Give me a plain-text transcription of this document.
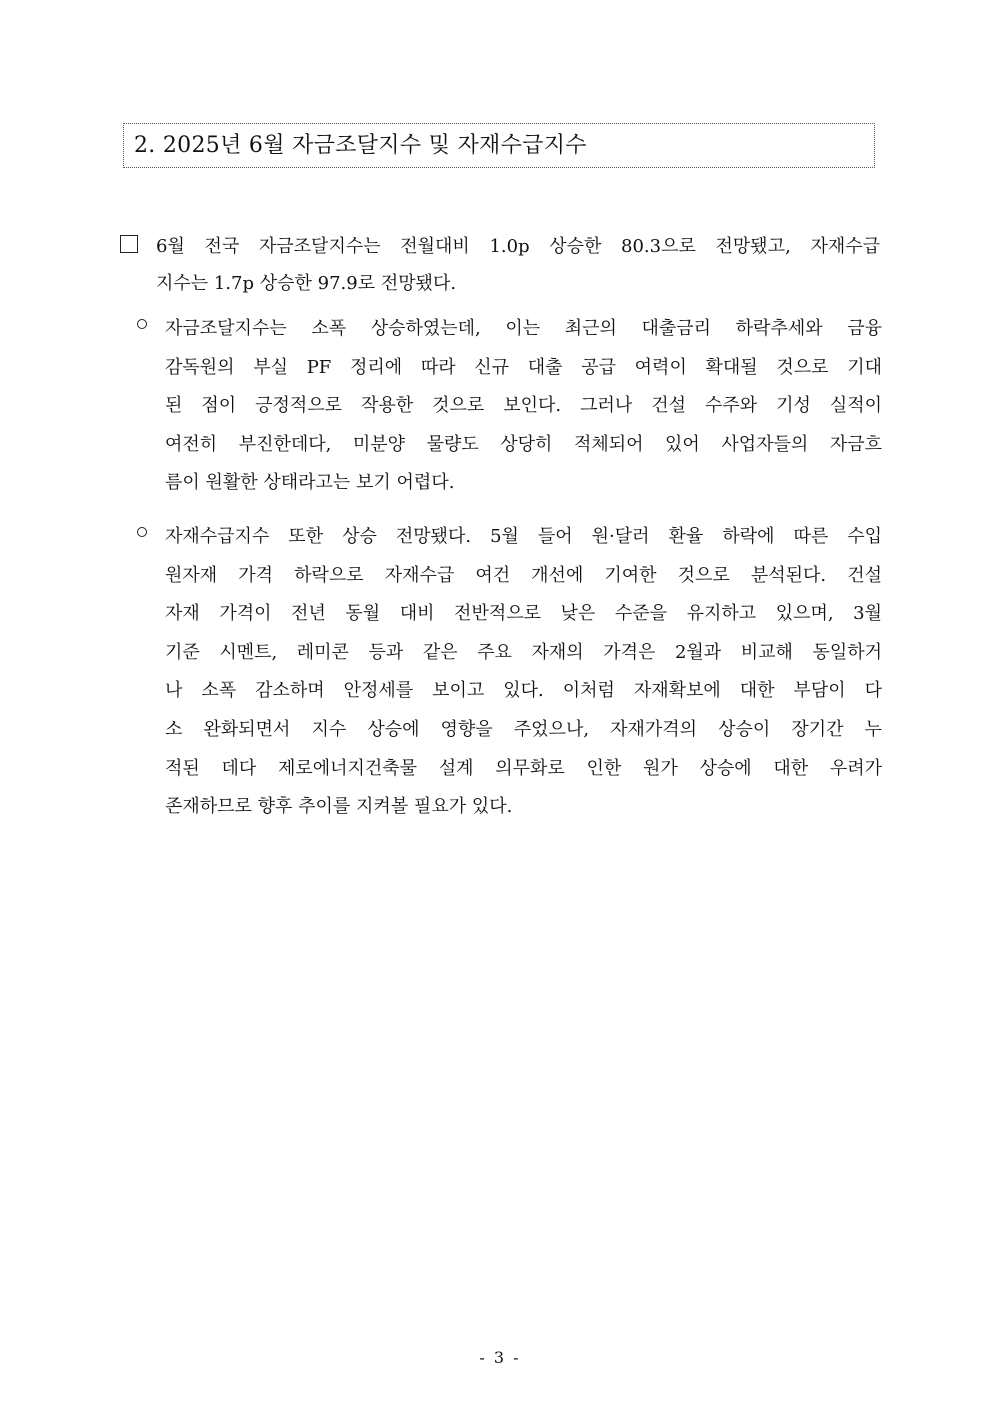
2. 2025년 6월 자금조달지수 및 자재수급지수
6월 전국 자금조달지수는 전월대비 1.0p 상승한 80.3으로 전망됐고, 자재수급
지수는 1.7p 상승한 97.9로 전망됐다.
자금조달지수는 소폭 상승하였는데, 이는 최근의 대출금리 하락추세와 금융
감독원의 부실 PF 정리에 따라 신규 대출 공급 여력이 확대될 것으로 기대
된 점이 긍정적으로 작용한 것으로 보인다. 그러나 건설 수주와 기성 실적이
여전히 부진한데다, 미분양 물량도 상당히 적체되어 있어 사업자들의 자금흐
름이 원활한 상태라고는 보기 어렵다.
자재수급지수 또한 상승 전망됐다. 5월 들어 원·달러 환율 하락에 따른 수입
원자재 가격 하락으로 자재수급 여건 개선에 기여한 것으로 분석된다. 건설
자재 가격이 전년 동월 대비 전반적으로 낮은 수준을 유지하고 있으며, 3월
기준 시멘트, 레미콘 등과 같은 주요 자재의 가격은 2월과 비교해 동일하거
나 소폭 감소하며 안정세를 보이고 있다. 이처럼 자재확보에 대한 부담이 다
소 완화되면서 지수 상승에 영향을 주었으나, 자재가격의 상승이 장기간 누
적된 데다 제로에너지건축물 설계 의무화로 인한 원가 상승에 대한 우려가
존재하므로 향후 추이를 지켜볼 필요가 있다.
- 3 -
